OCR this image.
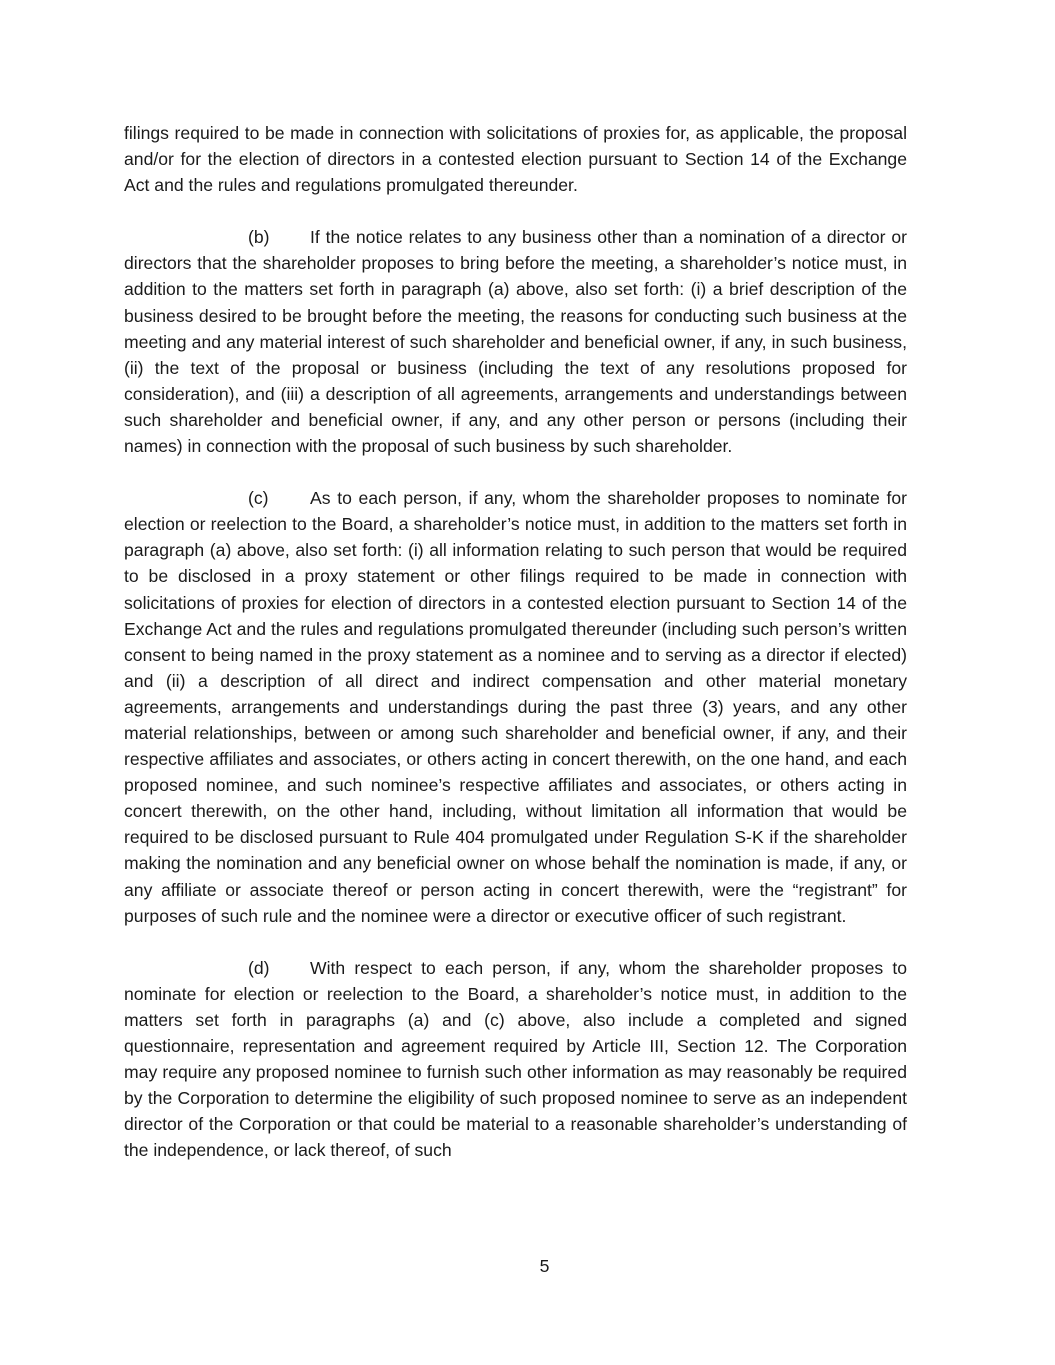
filings required to be made in connection with solicitations of proxies for, as applicable, the proposal and/or for the election of directors in a contested election pursuant to Section 14 of the Exchange Act and the rules and regulations promulgated thereunder.

(b) If the notice relates to any business other than a nomination of a director or directors that the shareholder proposes to bring before the meeting, a shareholder’s notice must, in addition to the matters set forth in paragraph (a) above, also set forth: (i) a brief description of the business desired to be brought before the meeting, the reasons for conducting such business at the meeting and any material interest of such shareholder and beneficial owner, if any, in such business, (ii) the text of the proposal or business (including the text of any resolutions proposed for consideration), and (iii) a description of all agreements, arrangements and understandings between such shareholder and beneficial owner, if any, and any other person or persons (including their names) in connection with the proposal of such business by such shareholder.

(c) As to each person, if any, whom the shareholder proposes to nominate for election or reelection to the Board, a shareholder’s notice must, in addition to the matters set forth in paragraph (a) above, also set forth: (i) all information relating to such person that would be required to be disclosed in a proxy statement or other filings required to be made in connection with solicitations of proxies for election of directors in a contested election pursuant to Section 14 of the Exchange Act and the rules and regulations promulgated thereunder (including such person’s written consent to being named in the proxy statement as a nominee and to serving as a director if elected) and (ii) a description of all direct and indirect compensation and other material monetary agreements, arrangements and understandings during the past three (3) years, and any other material relationships, between or among such shareholder and beneficial owner, if any, and their respective affiliates and associates, or others acting in concert therewith, on the one hand, and each proposed nominee, and such nominee’s respective affiliates and associates, or others acting in concert therewith, on the other hand, including, without limitation all information that would be required to be disclosed pursuant to Rule 404 promulgated under Regulation S-K if the shareholder making the nomination and any beneficial owner on whose behalf the nomination is made, if any, or any affiliate or associate thereof or person acting in concert therewith, were the “registrant” for purposes of such rule and the nominee were a director or executive officer of such registrant.

(d) With respect to each person, if any, whom the shareholder proposes to nominate for election or reelection to the Board, a shareholder’s notice must, in addition to the matters set forth in paragraphs (a) and (c) above, also include a completed and signed questionnaire, representation and agreement required by Article III, Section 12. The Corporation may require any proposed nominee to furnish such other information as may reasonably be required by the Corporation to determine the eligibility of such proposed nominee to serve as an independent director of the Corporation or that could be material to a reasonable shareholder’s understanding of the independence, or lack thereof, of such

5
